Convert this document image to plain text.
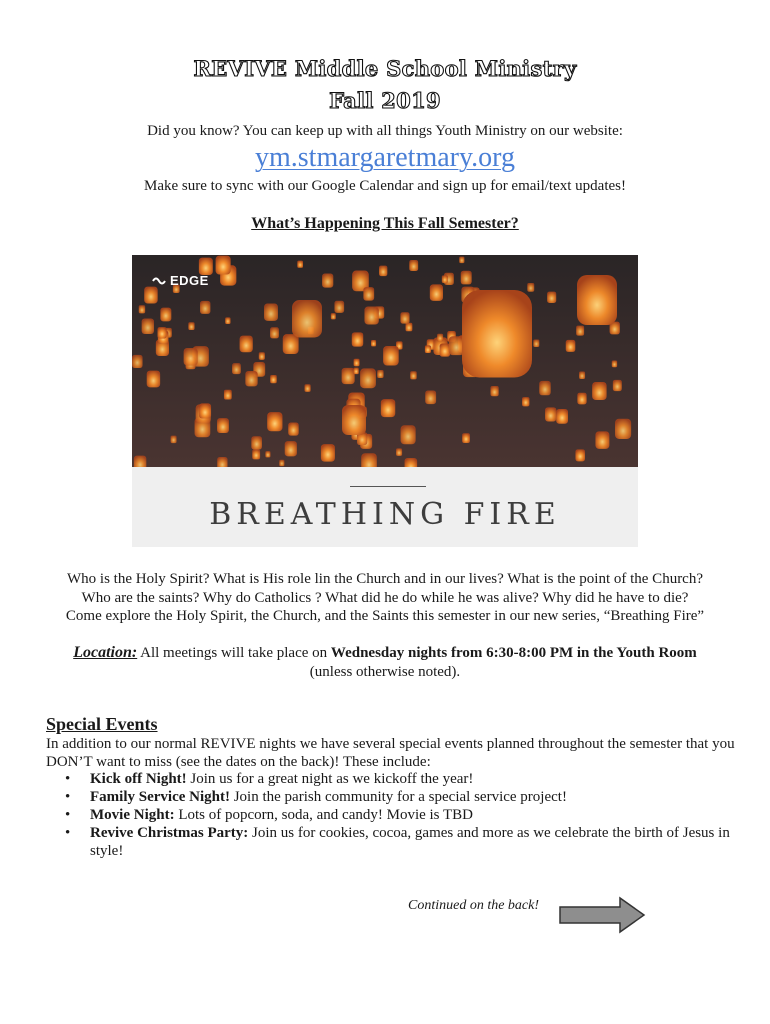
REVIVE Middle School Ministry
Fall 2019
Did you know? You can keep up with all things Youth Ministry on our website:
ym.stmargaretmary.org
Make sure to sync with our Google Calendar and sign up for email/text updates!
What’s Happening This Fall Semester?
EDGE
BREATHING FIRE
Who is the Holy Spirit? What is His role lin the Church and in our lives? What is the point of the Church?
Who are the saints? Why do Catholics ? What did he do while he was alive? Why did he have to die?
Come explore the Holy Spirit, the Church, and the Saints this semester in our new series, “Breathing Fire”
Location: All meetings will take place on Wednesday nights from 6:30-8:00 PM in the Youth Room
(unless otherwise noted).
Special Events
In addition to our normal REVIVE nights we have several special events planned throughout the semester that you DON’T want to miss (see the dates on the back)! These include:
• Kick off Night! Join us for a great night as we kickoff the year!
• Family Service Night! Join the parish community for a special service project!
• Movie Night: Lots of popcorn, soda, and candy! Movie is TBD
• Revive Christmas Party: Join us for cookies, cocoa, games and more as we celebrate the birth of Jesus in style!
Continued on the back!
